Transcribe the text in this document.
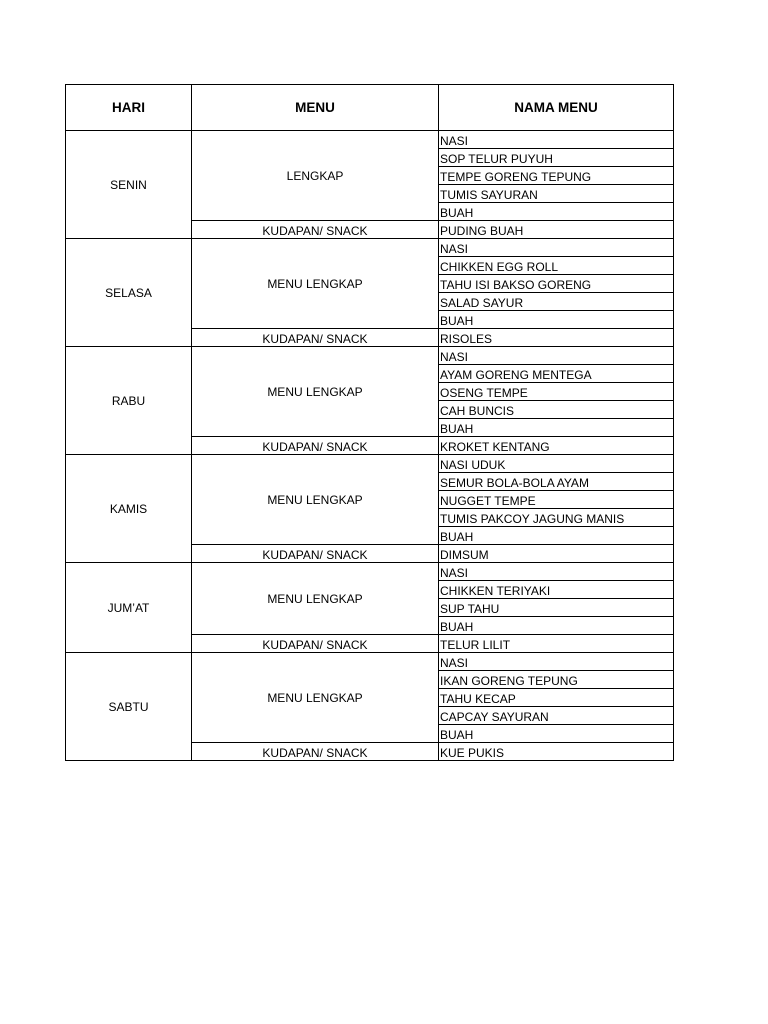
HARI	MENU	NAMA MENU
SENIN	LENGKAP	NASI
		SOP TELUR PUYUH
		TEMPE GORENG TEPUNG
		TUMIS SAYURAN
		BUAH
	KUDAPAN/ SNACK	PUDING BUAH
SELASA	MENU LENGKAP	NASI
		CHIKKEN EGG ROLL
		TAHU ISI BAKSO GORENG
		SALAD SAYUR
		BUAH
	KUDAPAN/ SNACK	RISOLES
RABU	MENU LENGKAP	NASI
		AYAM GORENG MENTEGA
		OSENG TEMPE
		CAH BUNCIS
		BUAH
	KUDAPAN/ SNACK	KROKET KENTANG
KAMIS	MENU LENGKAP	NASI UDUK
		SEMUR BOLA-BOLA AYAM
		NUGGET TEMPE
		TUMIS PAKCOY JAGUNG MANIS
		BUAH
	KUDAPAN/ SNACK	DIMSUM
JUM’AT	MENU LENGKAP	NASI
		CHIKKEN TERIYAKI
		SUP TAHU
		BUAH
	KUDAPAN/ SNACK	TELUR LILIT
SABTU	MENU LENGKAP	NASI
		IKAN GORENG TEPUNG
		TAHU KECAP
		CAPCAY SAYURAN
		BUAH
	KUDAPAN/ SNACK	KUE PUKIS
